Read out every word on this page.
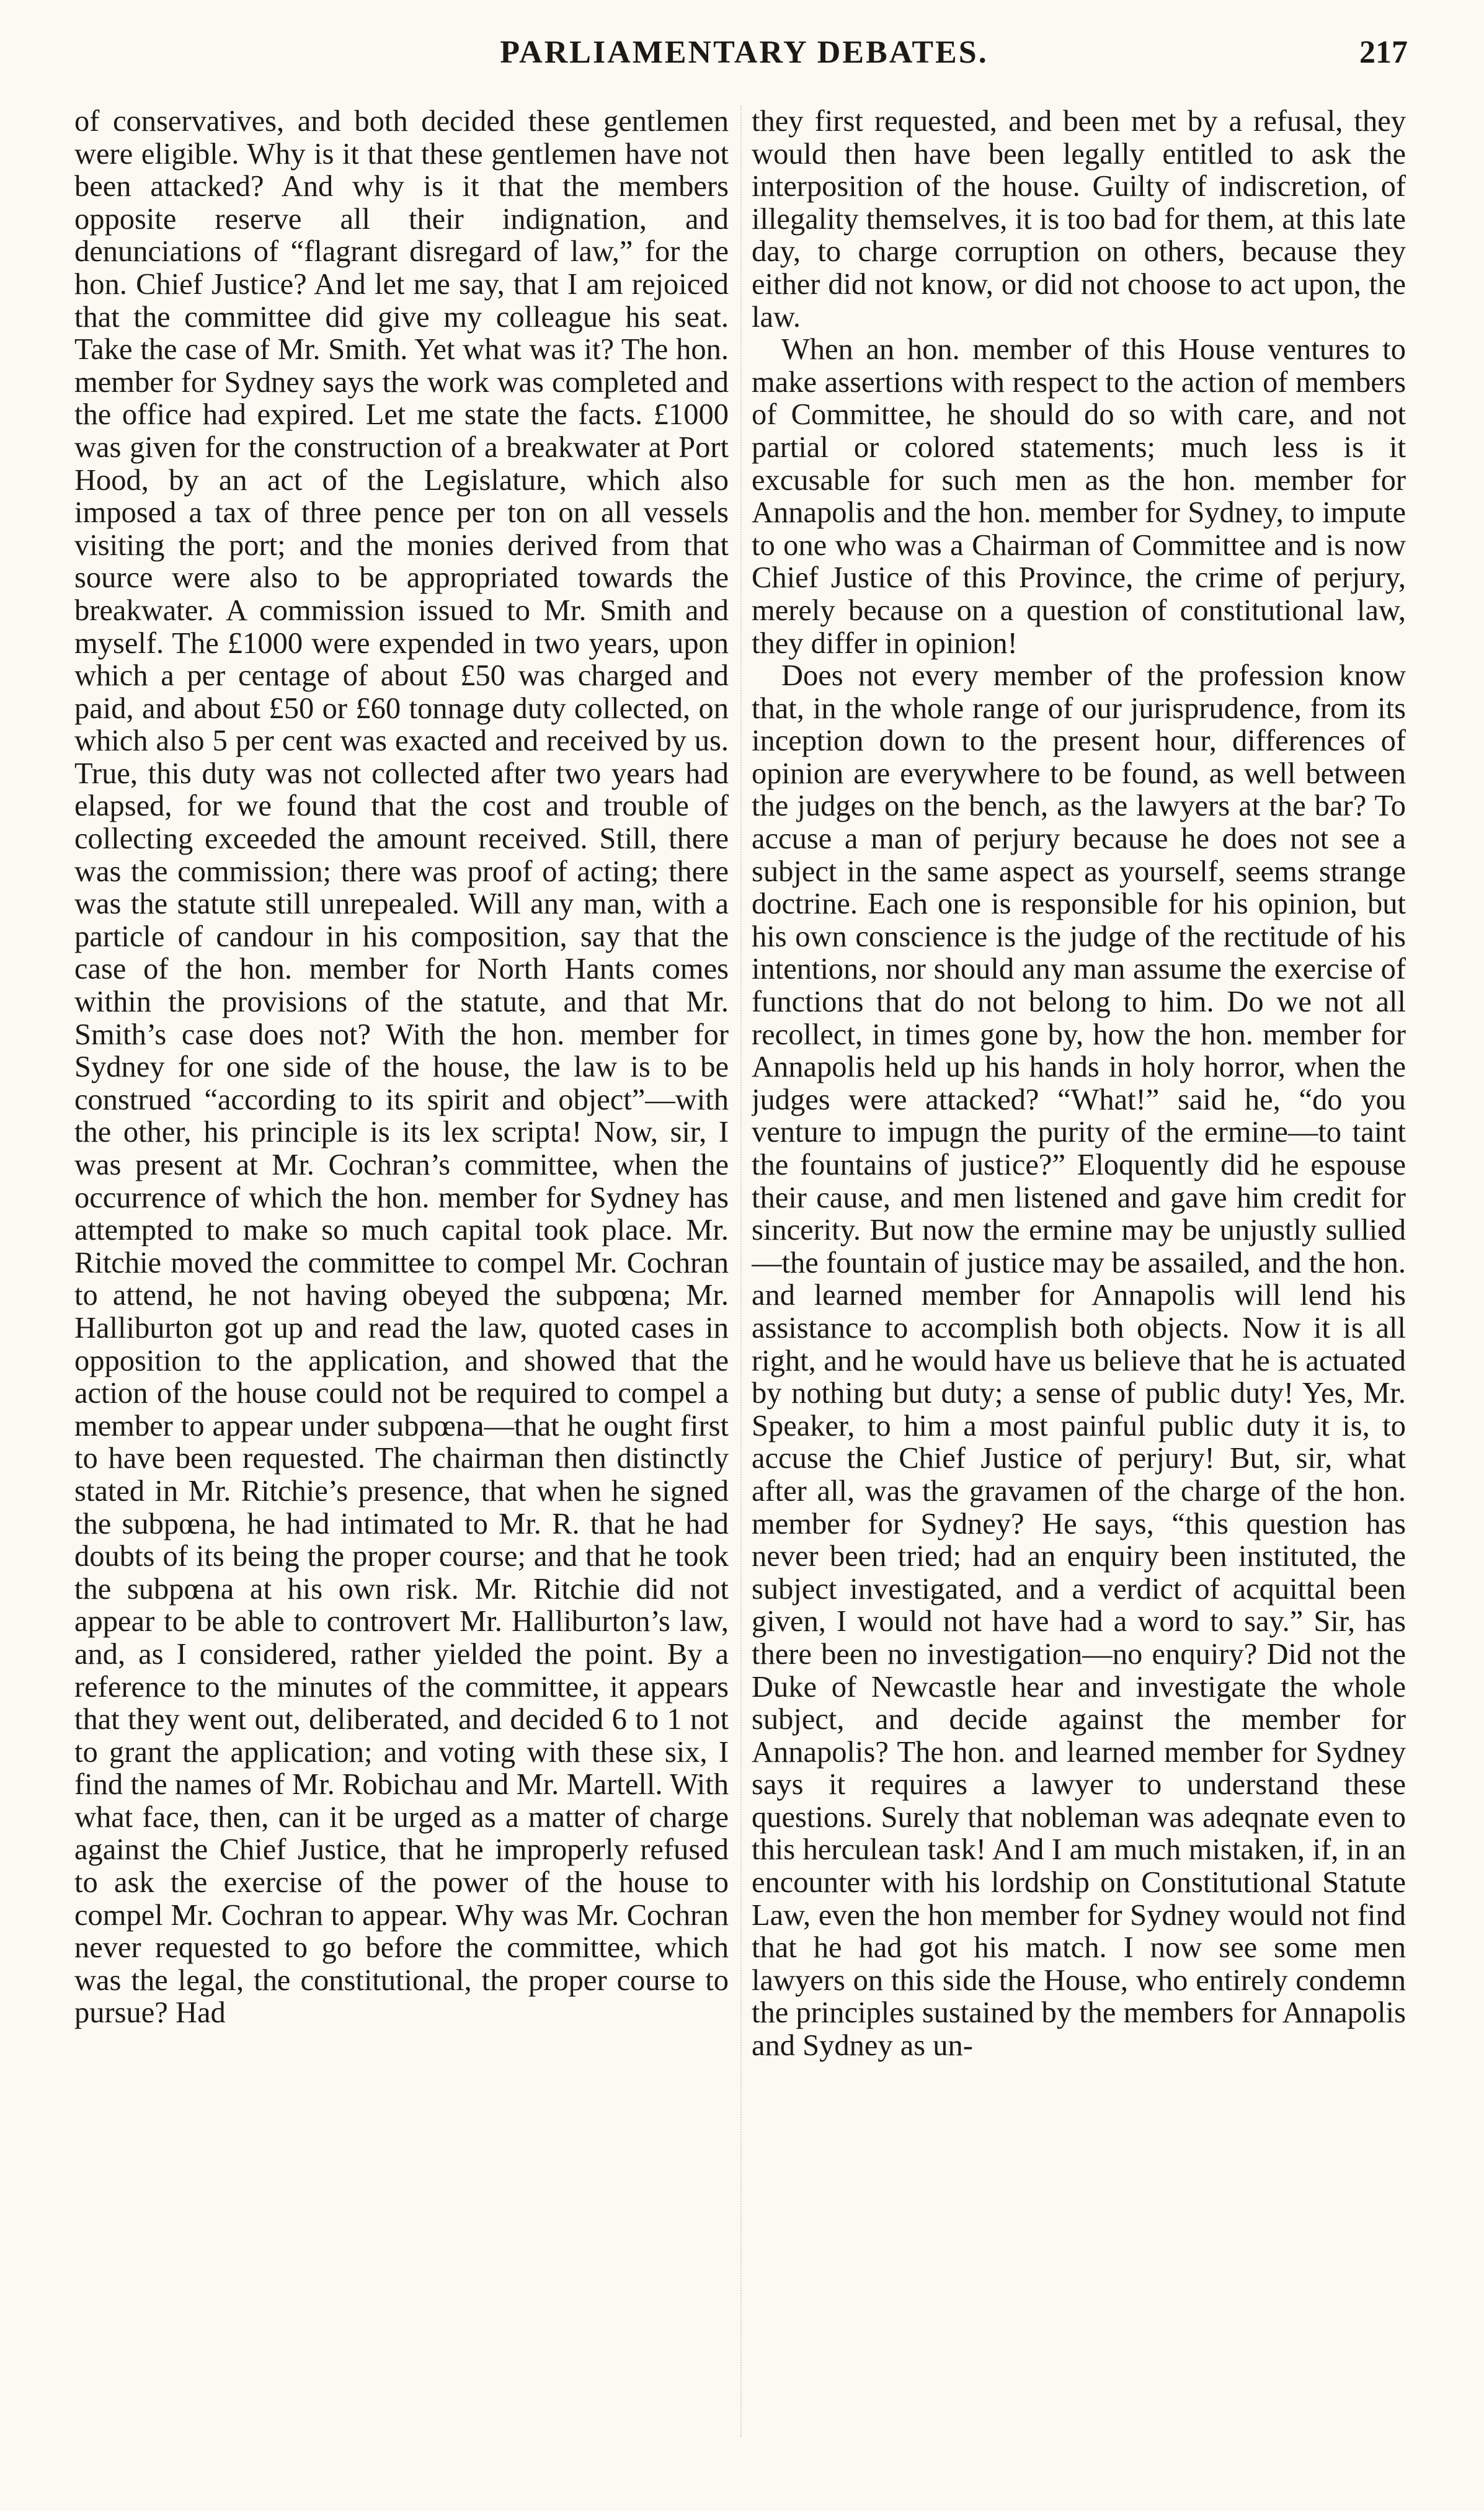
PARLIAMENTARY DEBATES.	217

of conservatives, and both decided these gentlemen were eligible. Why is it that these gentlemen have not been attacked? And why is it that the members opposite reserve all their indignation, and denunciations of “flagrant disregard of law,” for the hon. Chief Justice? And let me say, that I am rejoiced that the committee did give my colleague his seat. Take the case of Mr. Smith. Yet what was it? The hon. member for Sydney says the work was completed and the office had expired. Let me state the facts. £1000 was given for the construction of a breakwater at Port Hood, by an act of the Legislature, which also imposed a tax of three pence per ton on all vessels visiting the port; and the monies derived from that source were also to be appropriated towards the breakwater. A commission issued to Mr. Smith and myself. The £1000 were expended in two years, upon which a per centage of about £50 was charged and paid, and about £50 or £60 tonnage duty collected, on which also 5 per cent was exacted and received by us. True, this duty was not collected after two years had elapsed, for we found that the cost and trouble of collecting exceeded the amount received. Still, there was the commission; there was proof of acting; there was the statute still unrepealed. Will any man, with a particle of candour in his composition, say that the case of the hon. member for North Hants comes within the provisions of the statute, and that Mr. Smith’s case does not? With the hon. member for Sydney for one side of the house, the law is to be construed “according to its spirit and object”—with the other, his principle is its lex scripta! Now, sir, I was present at Mr. Cochran’s committee, when the occurrence of which the hon. member for Sydney has attempted to make so much capital took place. Mr. Ritchie moved the committee to compel Mr. Cochran to attend, he not having obeyed the subpœna; Mr. Halliburton got up and read the law, quoted cases in opposition to the application, and showed that the action of the house could not be required to compel a member to appear under subpœna—that he ought first to have been requested. The chairman then distinctly stated in Mr. Ritchie’s presence, that when he signed the subpœna, he had intimated to Mr. R. that he had doubts of its being the proper course; and that he took the subpœna at his own risk. Mr. Ritchie did not appear to be able to controvert Mr. Halliburton’s law, and, as I considered, rather yielded the point. By a reference to the minutes of the committee, it appears that they went out, deliberated, and decided 6 to 1 not to grant the application; and voting with these six, I find the names of Mr. Robichau and Mr. Martell. With what face, then, can it be urged as a matter of charge against the Chief Justice, that he improperly refused to ask the exercise of the power of the house to compel Mr. Cochran to appear. Why was Mr. Cochran never requested to go before the committee, which was the legal, the constitutional, the proper course to pursue? Had

they first requested, and been met by a refusal, they would then have been legally entitled to ask the interposition of the house. Guilty of indiscretion, of illegality themselves, it is too bad for them, at this late day, to charge corruption on others, because they either did not know, or did not choose to act upon, the law.

When an hon. member of this House ventures to make assertions with respect to the action of members of Committee, he should do so with care, and not partial or colored statements; much less is it excusable for such men as the hon. member for Annapolis and the hon. member for Sydney, to impute to one who was a Chairman of Committee and is now Chief Justice of this Province, the crime of perjury, merely because on a question of constitutional law, they differ in opinion!

Does not every member of the profession know that, in the whole range of our jurisprudence, from its inception down to the present hour, differences of opinion are everywhere to be found, as well between the judges on the bench, as the lawyers at the bar? To accuse a man of perjury because he does not see a subject in the same aspect as yourself, seems strange doctrine. Each one is responsible for his opinion, but his own conscience is the judge of the rectitude of his intentions, nor should any man assume the exercise of functions that do not belong to him. Do we not all recollect, in times gone by, how the hon. member for Annapolis held up his hands in holy horror, when the judges were attacked? “What!” said he, “do you venture to impugn the purity of the ermine—to taint the fountains of justice?” Eloquently did he espouse their cause, and men listened and gave him credit for sincerity. But now the ermine may be unjustly sullied—the fountain of justice may be assailed, and the hon. and learned member for Annapolis will lend his assistance to accomplish both objects. Now it is all right, and he would have us believe that he is actuated by nothing but duty; a sense of public duty! Yes, Mr. Speaker, to him a most painful public duty it is, to accuse the Chief Justice of perjury! But, sir, what after all, was the gravamen of the charge of the hon. member for Sydney? He says, “this question has never been tried; had an enquiry been instituted, the subject investigated, and a verdict of acquittal been given, I would not have had a word to say.” Sir, has there been no investigation—no enquiry? Did not the Duke of Newcastle hear and investigate the whole subject, and decide against the member for Annapolis? The hon. and learned member for Sydney says it requires a lawyer to understand these questions. Surely that nobleman was adeqnate even to this herculean task! And I am much mistaken, if, in an encounter with his lordship on Constitutional Statute Law, even the hon member for Sydney would not find that he had got his match. I now see some men lawyers on this side the House, who entirely condemn the principles sustained by the members for Annapolis and Sydney as un-
